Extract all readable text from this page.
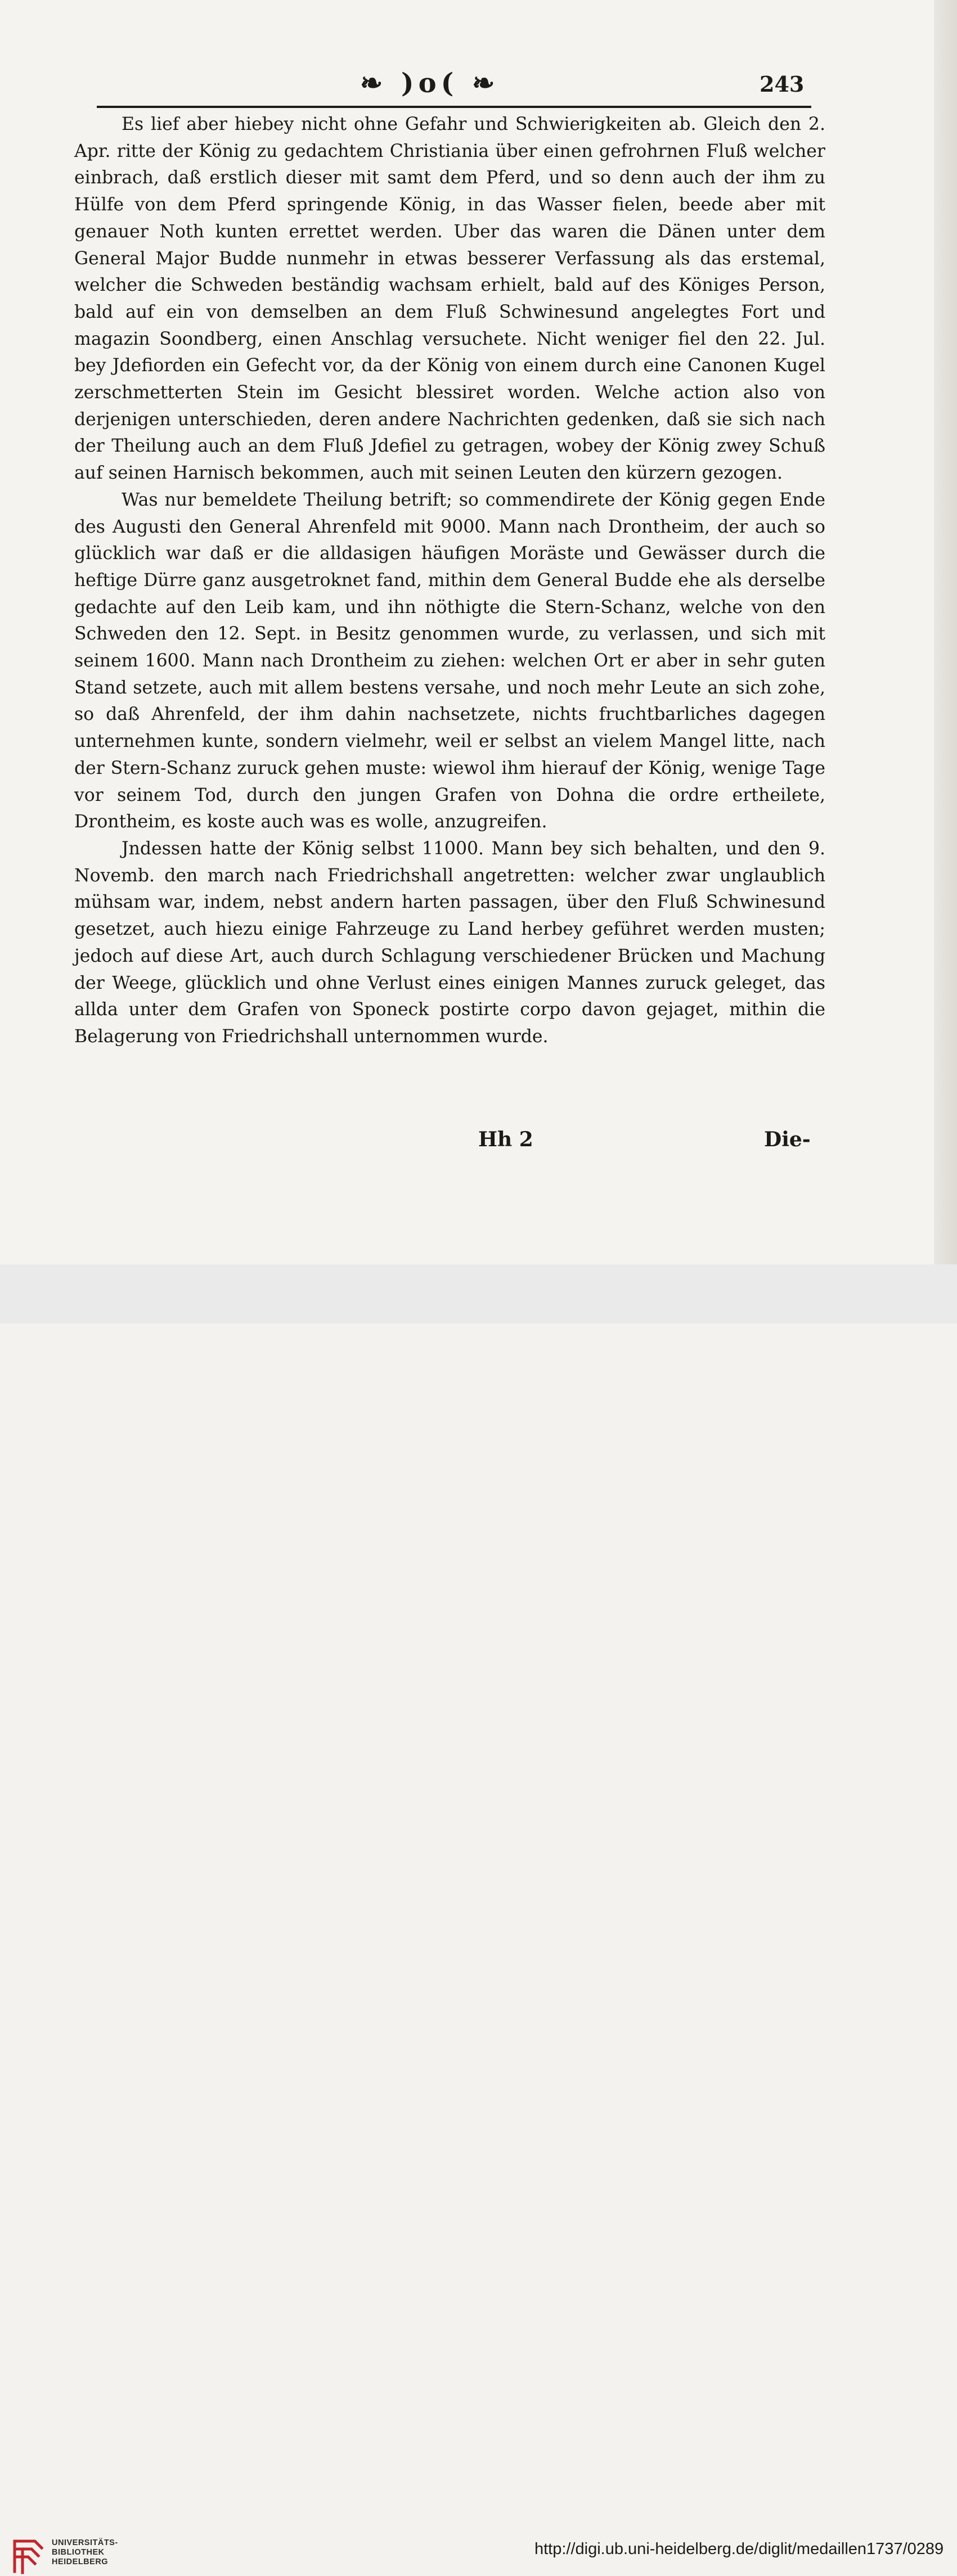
❧ )o( ❧	243

Es lief aber hiebey nicht ohne Gefahr und Schwierigkeiten ab. Gleich den 2. Apr. ritte der König zu gedachtem Christiania über einen gefrohrnen Fluß welcher einbrach, daß erstlich dieser mit samt dem Pferd, und so denn auch der ihm zu Hülfe von dem Pferd springende König, in das Wasser fielen, beede aber mit genauer Noth kunten errettet werden. Uber das waren die Dänen unter dem General Major Budde nunmehr in etwas besserer Verfassung als das erstemal, welcher die Schweden beständig wachsam erhielt, bald auf des Königes Person, bald auf ein von demselben an dem Fluß Schwinesund angelegtes Fort und magazin Soondberg, einen Anschlag versuchete. Nicht weniger fiel den 22. Jul. bey Jdefiorden ein Gefecht vor, da der König von einem durch eine Canonen Kugel zerschmetterten Stein im Gesicht blessiret worden. Welche action also von derjenigen unterschieden, deren andere Nachrichten gedenken, daß sie sich nach der Theilung auch an dem Fluß Jdefiel zu getragen, wobey der König zwey Schuß auf seinen Harnisch bekommen, auch mit seinen Leuten den kürzern gezogen.

Was nur bemeldete Theilung betrift; so commendirete der König gegen Ende des Augusti den General Ahrenfeld mit 9000. Mann nach Drontheim, der auch so glücklich war daß er die alldasigen häufigen Moräste und Gewässer durch die heftige Dürre ganz ausgetroknet fand, mithin dem General Budde ehe als derselbe gedachte auf den Leib kam, und ihn nöthigte die Stern-Schanz, welche von den Schweden den 12. Sept. in Besitz genommen wurde, zu verlassen, und sich mit seinem 1600. Mann nach Drontheim zu ziehen: welchen Ort er aber in sehr guten Stand setzete, auch mit allem bestens versahe, und noch mehr Leute an sich zohe, so daß Ahrenfeld, der ihm dahin nachsetzete, nichts fruchtbarliches dagegen unternehmen kunte, sondern vielmehr, weil er selbst an vielem Mangel litte, nach der Stern-Schanz zuruck gehen muste: wiewol ihm hierauf der König, wenige Tage vor seinem Tod, durch den jungen Grafen von Dohna die ordre ertheilete, Drontheim, es koste auch was es wolle, anzugreifen.

Jndessen hatte der König selbst 11000. Mann bey sich behalten, und den 9. Novemb. den march nach Friedrichshall angetretten: welcher zwar unglaublich mühsam war, indem, nebst andern harten passagen, über den Fluß Schwinesund gesetzet, auch hiezu einige Fahrzeuge zu Land herbey geführet werden musten; jedoch auf diese Art, auch durch Schlagung verschiedener Brücken und Machung der Weege, glücklich und ohne Verlust eines einigen Mannes zuruck geleget, das allda unter dem Grafen von Sponeck postirte corpo davon gejaget, mithin die Belagerung von Friedrichshall unternommen wurde.

Hh 2	Die-
UNIVERSITÄTS-
BIBLIOTHEK
HEIDELBERG
http://digi.ub.uni-heidelberg.de/diglit/medaillen1737/0289
